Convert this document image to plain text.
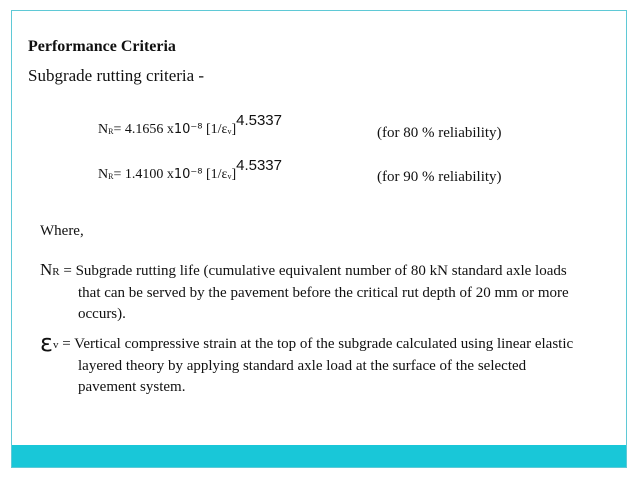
Performance Criteria
Subgrade rutting criteria -
NR= 4.1656 x10⁻⁸ [1/εv]4.5337
(for 80 % reliability)
NR= 1.4100 x10⁻⁸ [1/εv]4.5337
(for 90 % reliability)
Where,
NR = Subgrade rutting life (cumulative equivalent number of 80 kN standard axle loads
that can be served by the pavement before the critical rut depth of 20 mm or more
occurs).
εv = Vertical compressive strain at the top of the subgrade calculated using linear elastic
layered theory by applying standard axle load at the surface of the selected
pavement system.
